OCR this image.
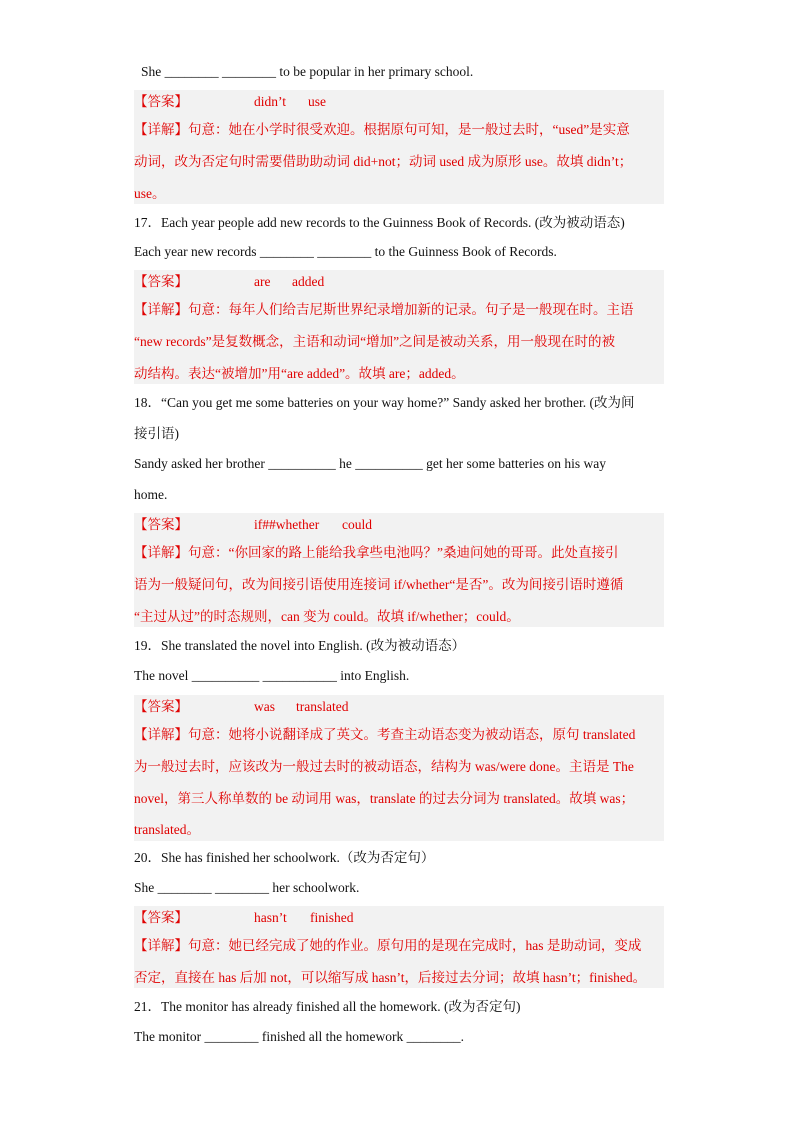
She ________ ________ to be popular in her primary school.
【答案】	didn’t use
【详解】句意：她在小学时很受欢迎。根据原句可知，是一般过去时，“used”是实意
动词，改为否定句时需要借助助动词 did+not；动词 used 成为原形 use。故填 didn’t；
use。
17．Each year people add new records to the Guinness Book of Records. (改为被动语态)
Each year new records ________ ________ to the Guinness Book of Records.
【答案】	are added
【详解】句意：每年人们给吉尼斯世界纪录增加新的记录。句子是一般现在时。主语
“new records”是复数概念，主语和动词“增加”之间是被动关系，用一般现在时的被
动结构。表达“被增加”用“are added”。故填 are；added。
18．“Can you get me some batteries on your way home?” Sandy asked her brother. (改为间
接引语)
Sandy asked her brother __________ he __________ get her some batteries on his way
home.
【答案】	if##whether could
【详解】句意：“你回家的路上能给我拿些电池吗？”桑迪问她的哥哥。此处直接引
语为一般疑问句，改为间接引语使用连接词 if/whether“是否”。改为间接引语时遵循
“主过从过”的时态规则，can 变为 could。故填 if/whether；could。
19．She translated the novel into English. (改为被动语态）
The novel __________ ___________ into English.
【答案】	was translated
【详解】句意：她将小说翻译成了英文。考查主动语态变为被动语态，原句 translated
为一般过去时，应该改为一般过去时的被动语态，结构为 was/were done。主语是 The
novel，第三人称单数的 be 动词用 was，translate 的过去分词为 translated。故填 was；
translated。
20．She has finished her schoolwork.（改为否定句）
She ________ ________ her schoolwork.
【答案】	hasn’t finished
【详解】句意：她已经完成了她的作业。原句用的是现在完成时，has 是助动词，变成
否定，直接在 has 后加 not，可以缩写成 hasn’t，后接过去分词；故填 hasn’t；finished。
21．The monitor has already finished all the homework. (改为否定句)
The monitor ________ finished all the homework ________.
